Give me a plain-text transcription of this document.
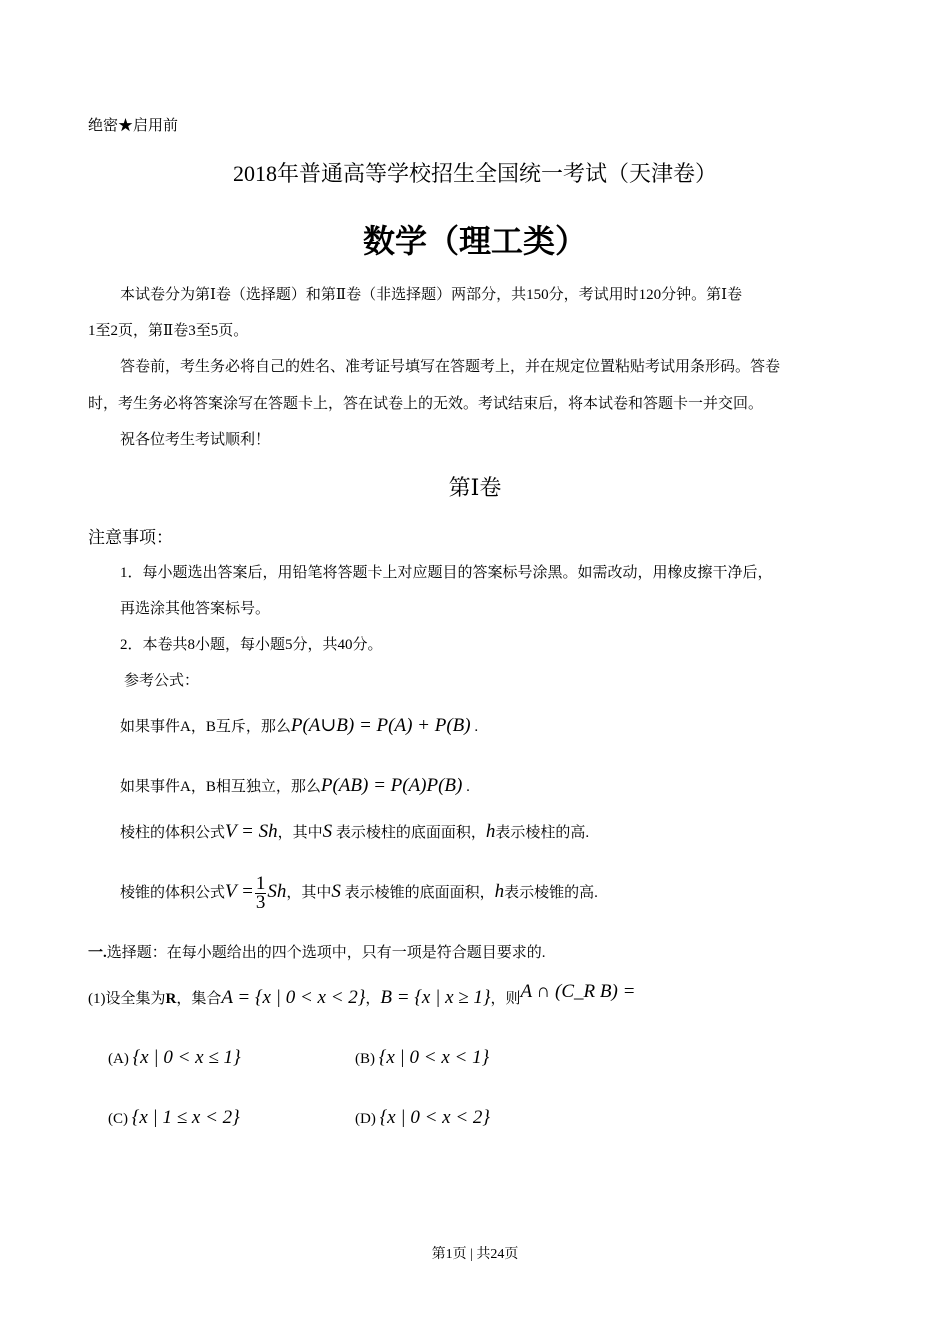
绝密★启用前
2018年普通高等学校招生全国统一考试（天津卷）
数学（理工类）
本试卷分为第Ⅰ卷（选择题）和第Ⅱ卷（非选择题）两部分，共150分，考试用时120分钟。第Ⅰ卷
1至2页，第Ⅱ卷3至5页。
答卷前，考生务必将自己的姓名、准考证号填写在答题考上，并在规定位置粘贴考试用条形码。答卷
时，考生务必将答案涂写在答题卡上，答在试卷上的无效。考试结束后，将本试卷和答题卡一并交回。
祝各位考生考试顺利！
第Ⅰ卷
注意事项：
1．每小题选出答案后，用铅笔将答题卡上对应题目的答案标号涂黑。如需改动，用橡皮擦干净后，
再选涂其他答案标号。
2．本卷共8小题，每小题5分，共40分。
参考公式：
如果事件A，B互斥，那么P(A∪B) = P(A) + P(B) .
如果事件A，B相互独立，那么P(AB) = P(A)P(B) .
棱柱的体积公式V = Sh，其中S 表示棱柱的底面面积，h表示棱柱的高.
棱锥的体积公式$V = \frac{1}{3}$ Sh，其中S 表示棱锥的底面面积，h表示棱锥的高.
一.选择题：在每小题给出的四个选项中，只有一项是符合题目要求的.
(1)设全集为R，集合A = {x | 0 < x < 2}，B = {x | x ≥ 1}，则A ∩ (C_R B) =
(A) {x | 0 < x ≤ 1}	(B) {x | 0 < x < 1}
(C) {x | 1 ≤ x < 2}	(D) {x | 0 < x < 2}
第1页 | 共24页
